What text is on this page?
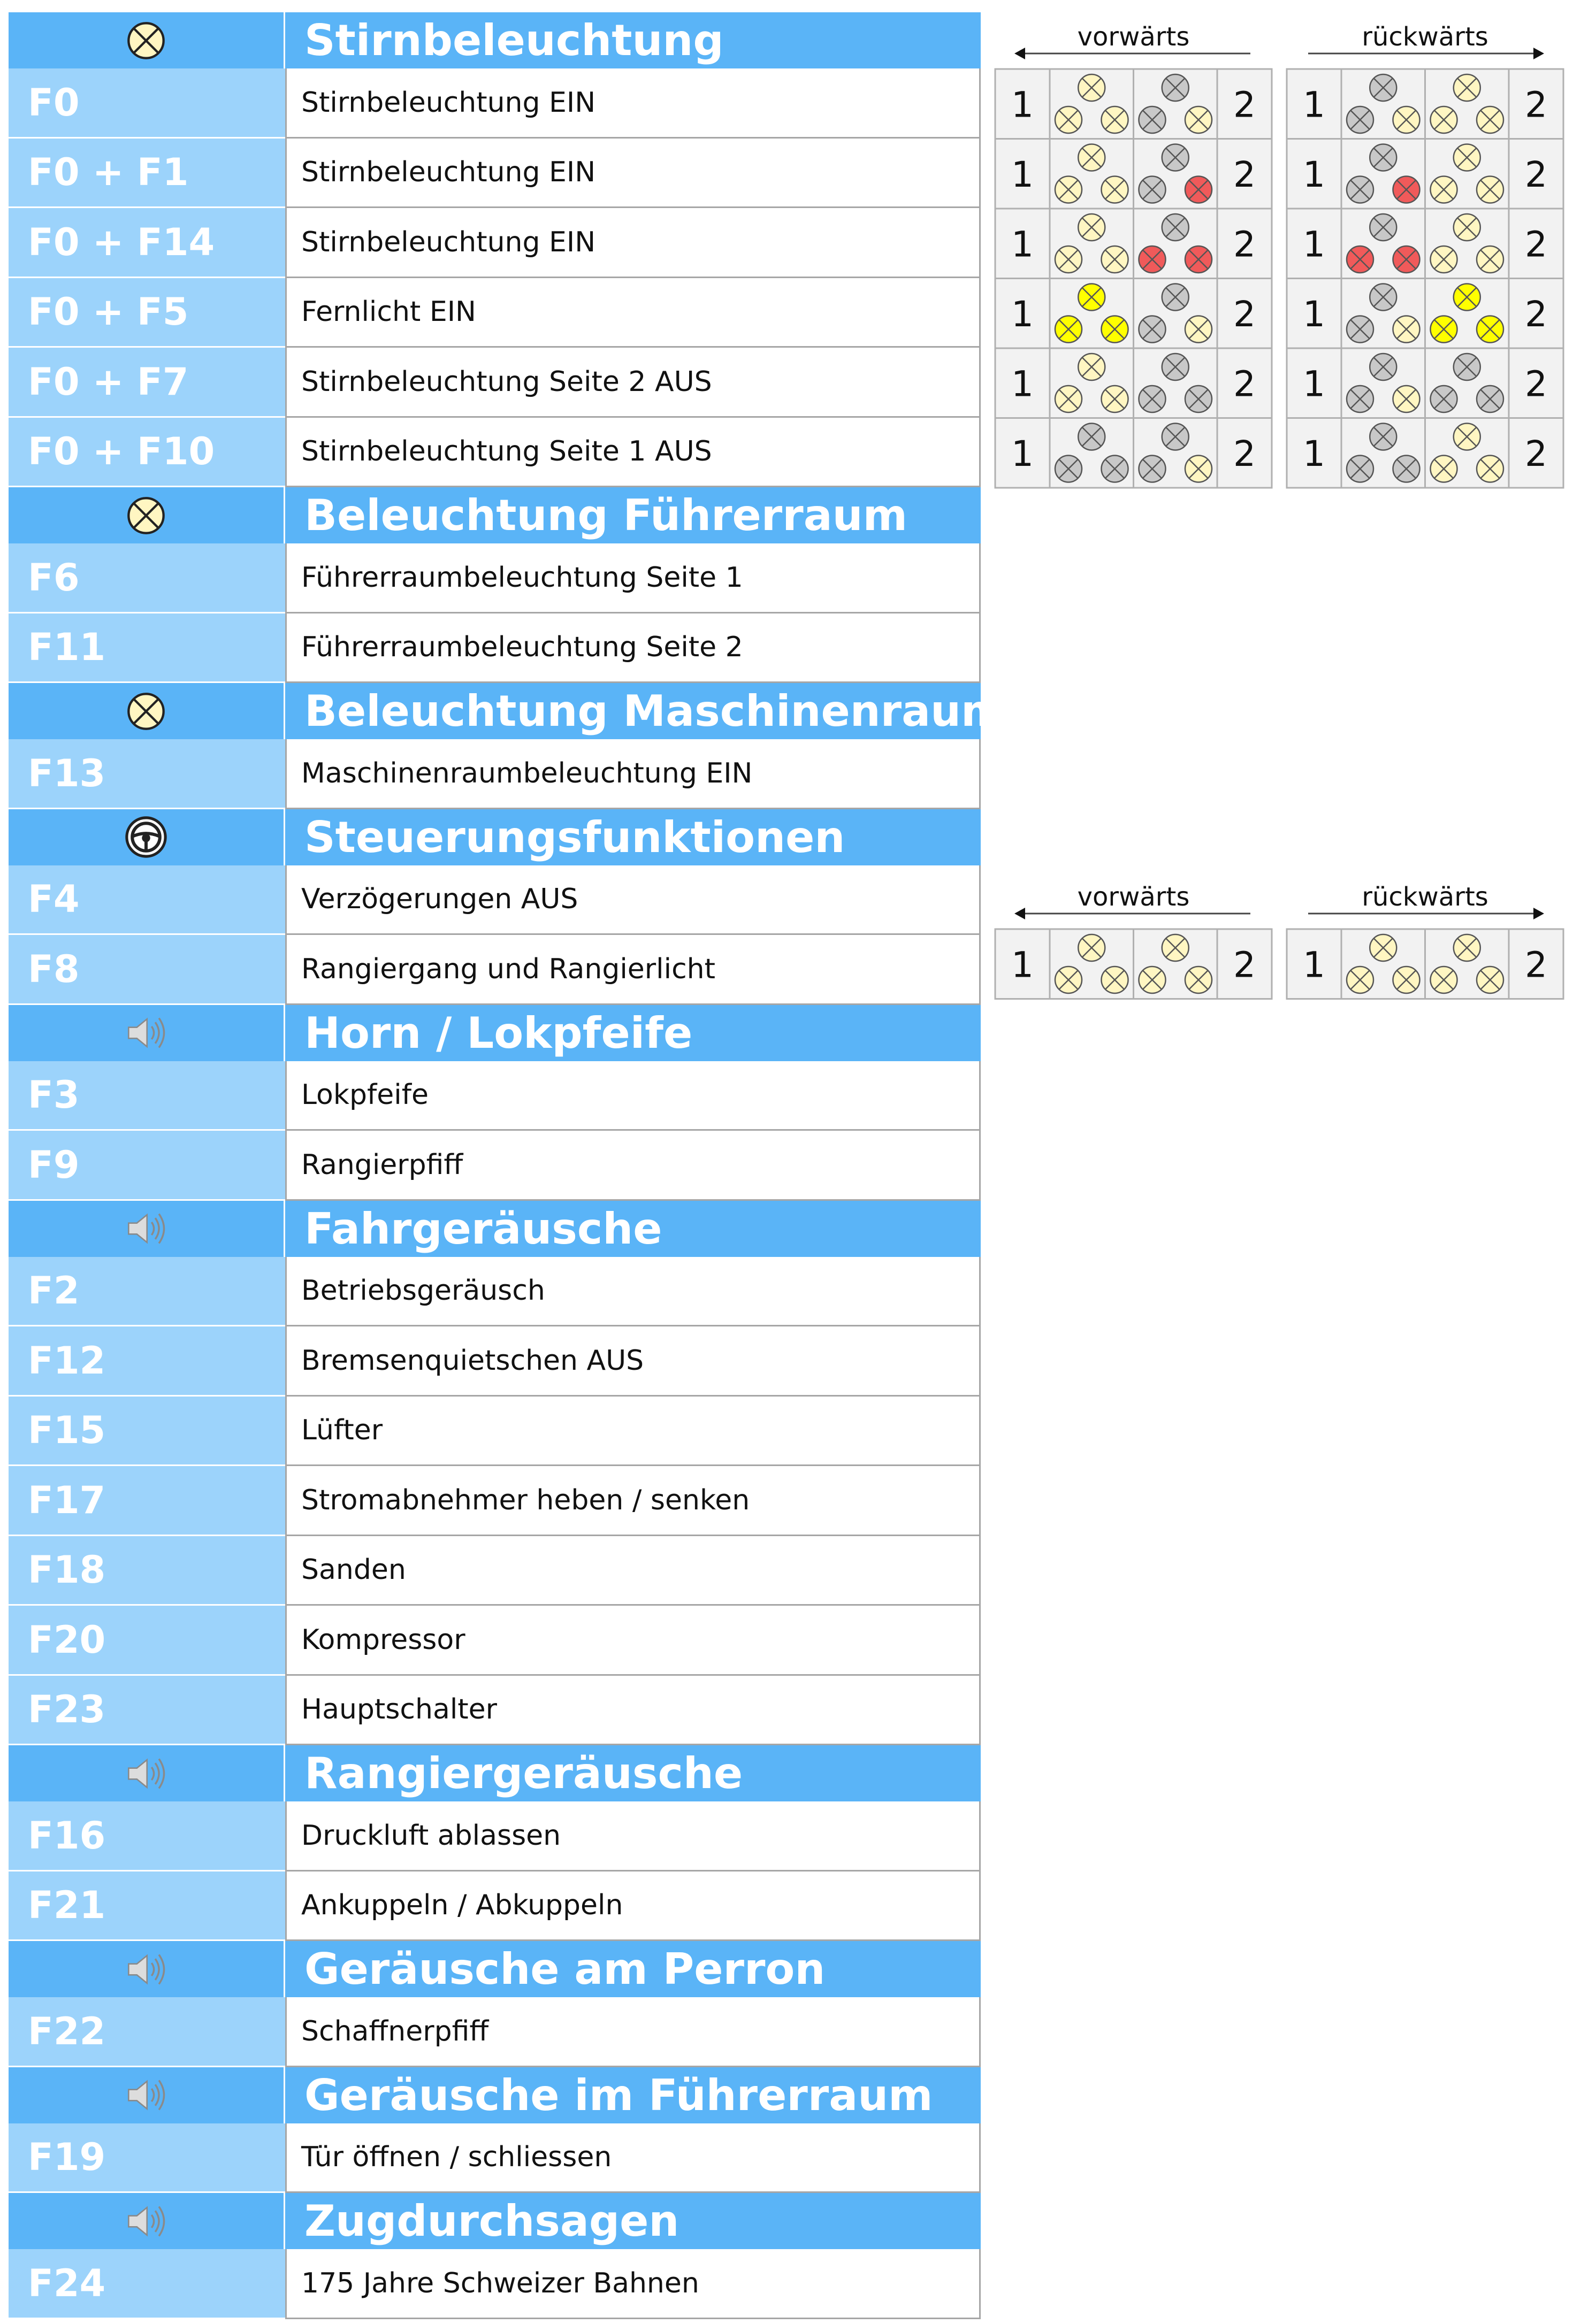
Stirnbeleuchtung
F0	Stirnbeleuchtung EIN
F0 + F1	Stirnbeleuchtung EIN
F0 + F14	Stirnbeleuchtung EIN
F0 + F5	Fernlicht EIN
F0 + F7	Stirnbeleuchtung Seite 2 AUS
F0 + F10	Stirnbeleuchtung Seite 1 AUS
Beleuchtung Führerraum
F6	Führerraumbeleuchtung Seite 1
F11	Führerraumbeleuchtung Seite 2
Beleuchtung Maschinenraum
F13	Maschinenraumbeleuchtung EIN
Steuerungsfunktionen
F4	Verzögerungen AUS
F8	Rangiergang und Rangierlicht
Horn / Lokpfeife
F3	Lokpfeife
F9	Rangierpfiff
Fahrgeräusche
F2	Betriebsgeräusch
F12	Bremsenquietschen AUS
F15	Lüfter
F17	Stromabnehmer heben / senken
F18	Sanden
F20	Kompressor
F23	Hauptschalter
Rangiergeräusche
F16	Druckluft ablassen
F21	Ankuppeln / Abkuppeln
Geräusche am Perron
F22	Schaffnerpfiff
Geräusche im Führerraum
F19	Tür öffnen / schliessen
Zugdurchsagen
F24	175 Jahre Schweizer Bahnen
vorwärts
1	2
1	2
1	2
1	2
1	2
1	2
rückwärts
1	2
1	2
1	2
1	2
1	2
1	2
vorwärts
1	2
rückwärts
1	2
